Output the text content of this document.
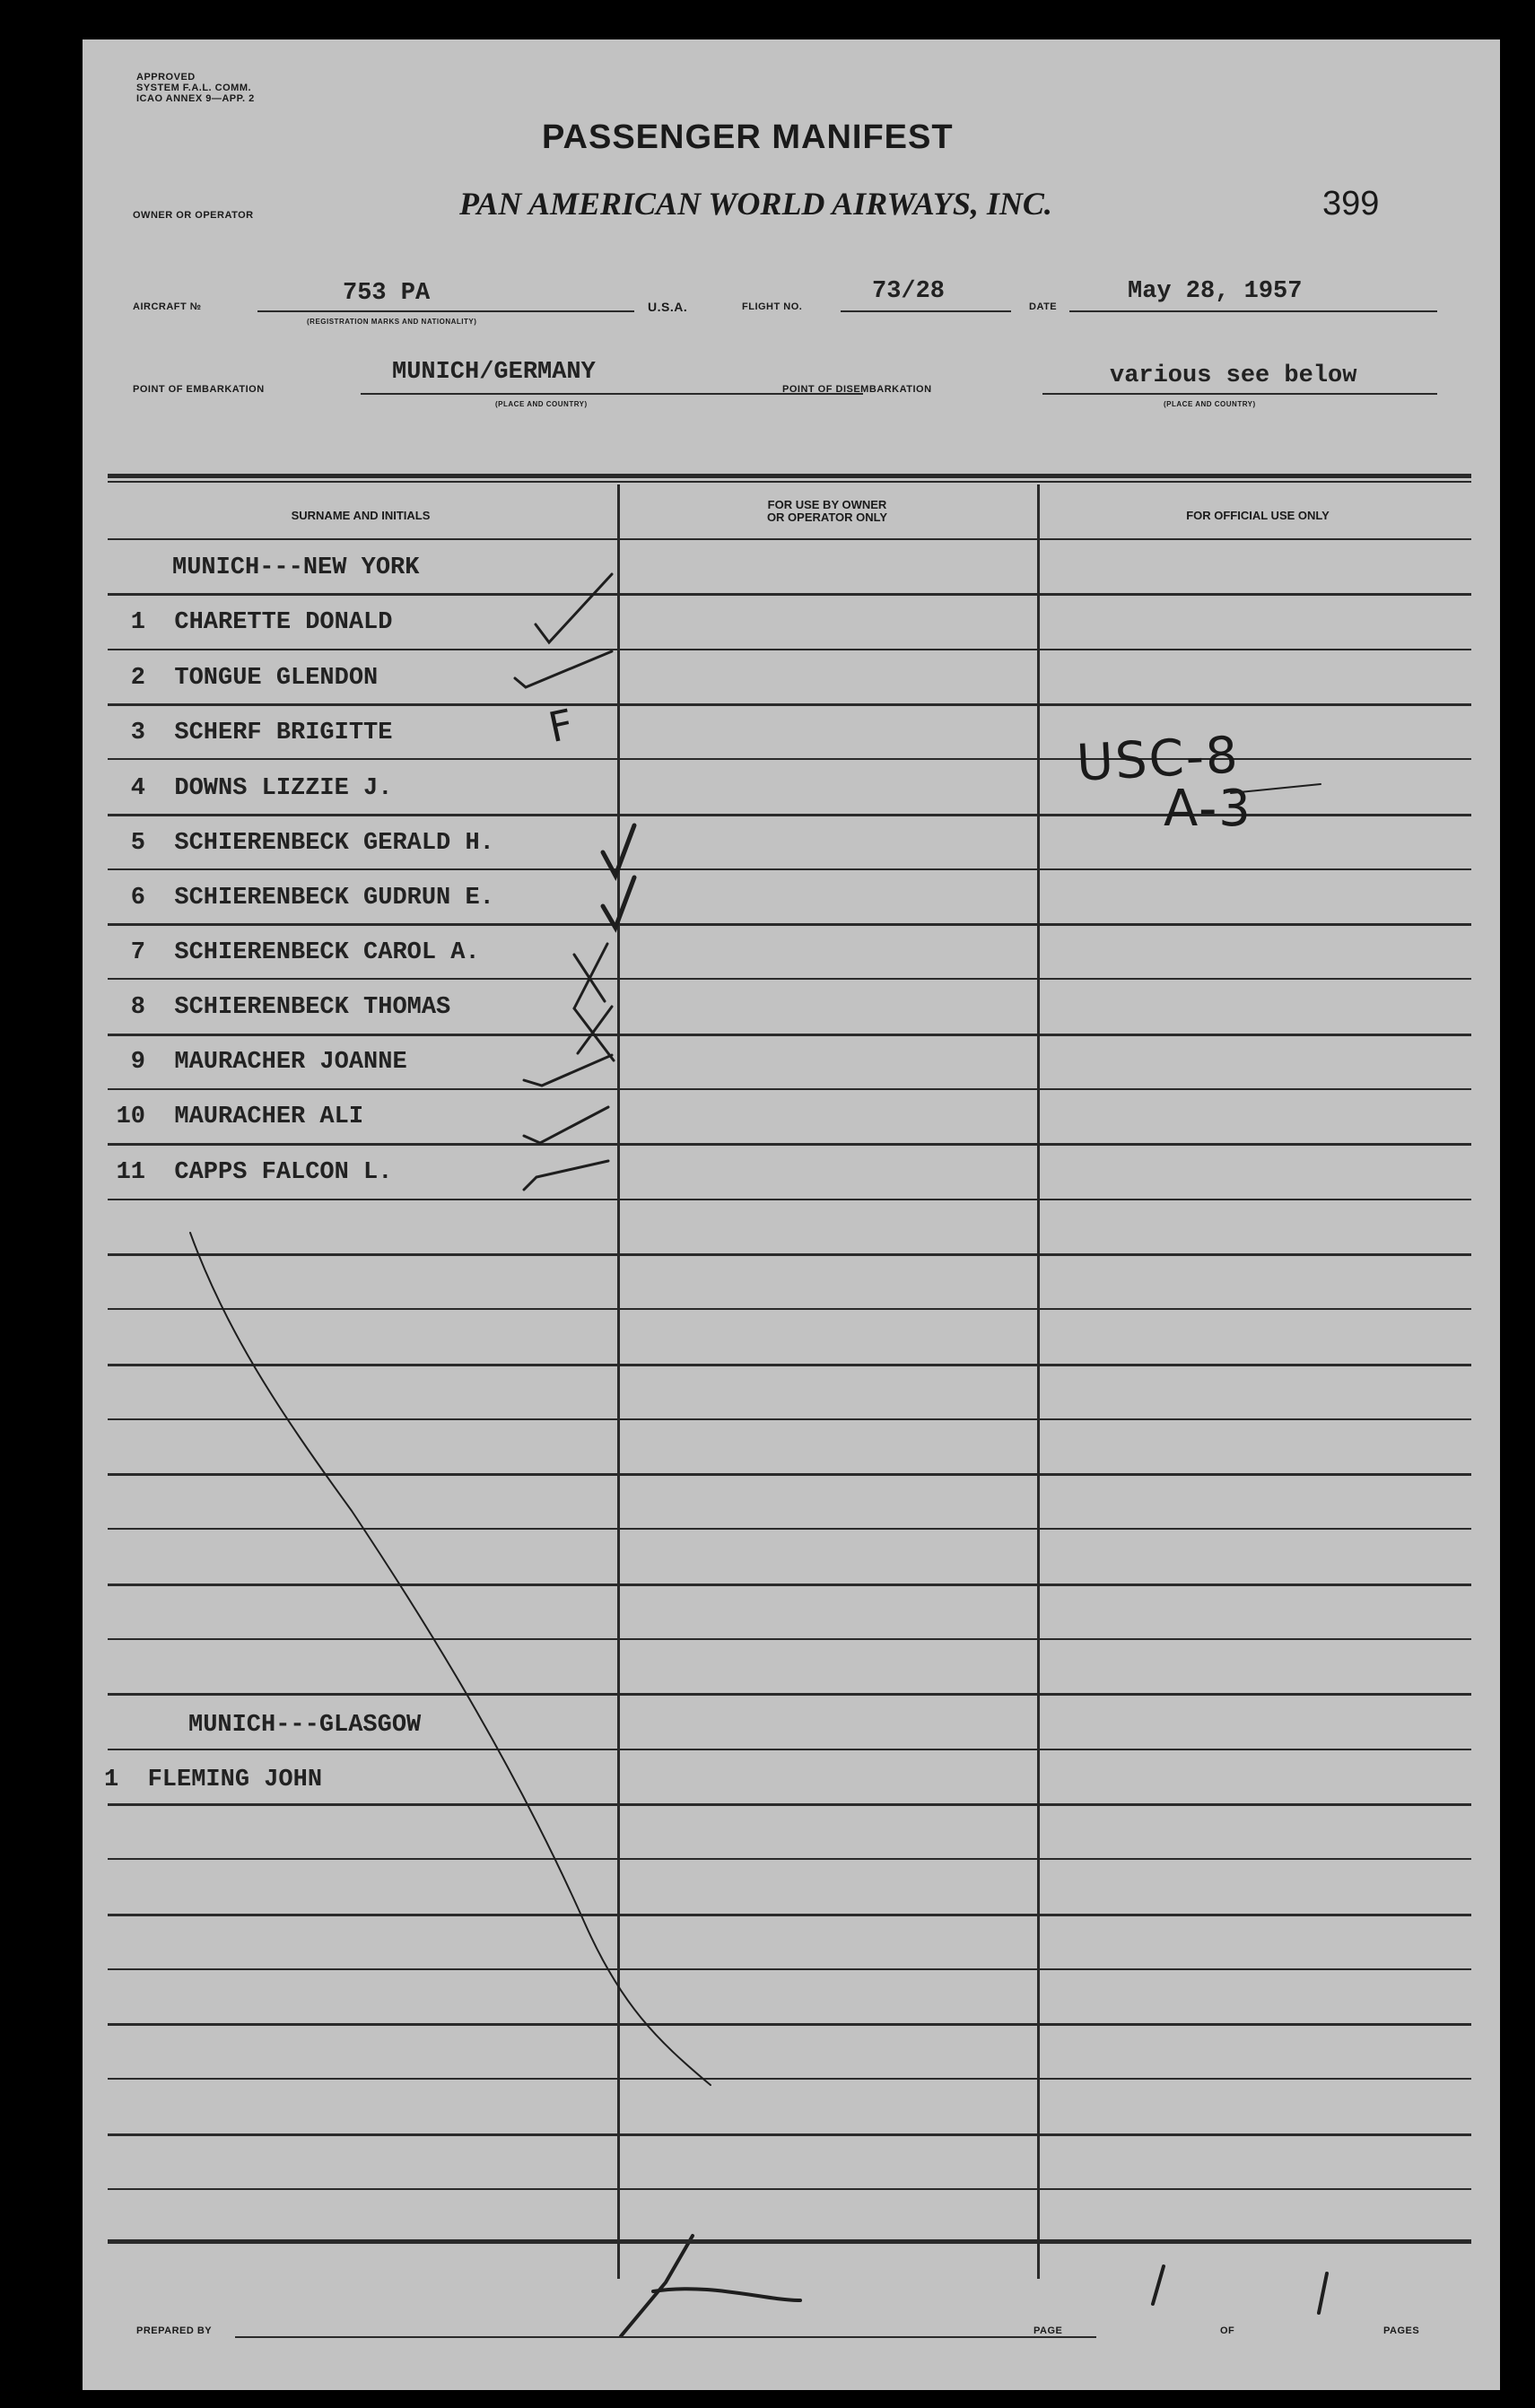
APPROVED
SYSTEM F.A.L. COMM.
ICAO ANNEX 9—APP. 2
PASSENGER MANIFEST
OWNER OR OPERATOR	PAN AMERICAN WORLD AIRWAYS, INC.	399
AIRCRAFT №	753 PA
(REGISTRATION MARKS AND NATIONALITY)
U.S.A.	FLIGHT NO.
73/28
DATE
May 28, 1957
POINT OF EMBARKATION
MUNICH/GERMANY
(PLACE AND COUNTRY)
POINT OF DISEMBARKATION	various see below
(PLACE AND COUNTRY)
SURNAME AND INITIALS
FOR USE BY OWNER
OR OPERATOR ONLY	FOR OFFICIAL USE ONLY
MUNICH---NEW YORK
1 CHARETTE DONALD
2 TONGUE GLENDON
3 SCHERF BRIGITTE
4 DOWNS LIZZIE J.
5 SCHIERENBECK GERALD H.
6 SCHIERENBECK GUDRUN E.
7 SCHIERENBECK CAROL A.
8 SCHIERENBECK THOMAS
9 MAURACHER JOANNE
10 MAURACHER ALI
11 CAPPS FALCON L.
MUNICH---GLASGOW
1 FLEMING JOHN
F
USC-8
A-3
PREPARED BY	PAGE	OF	PAGES
